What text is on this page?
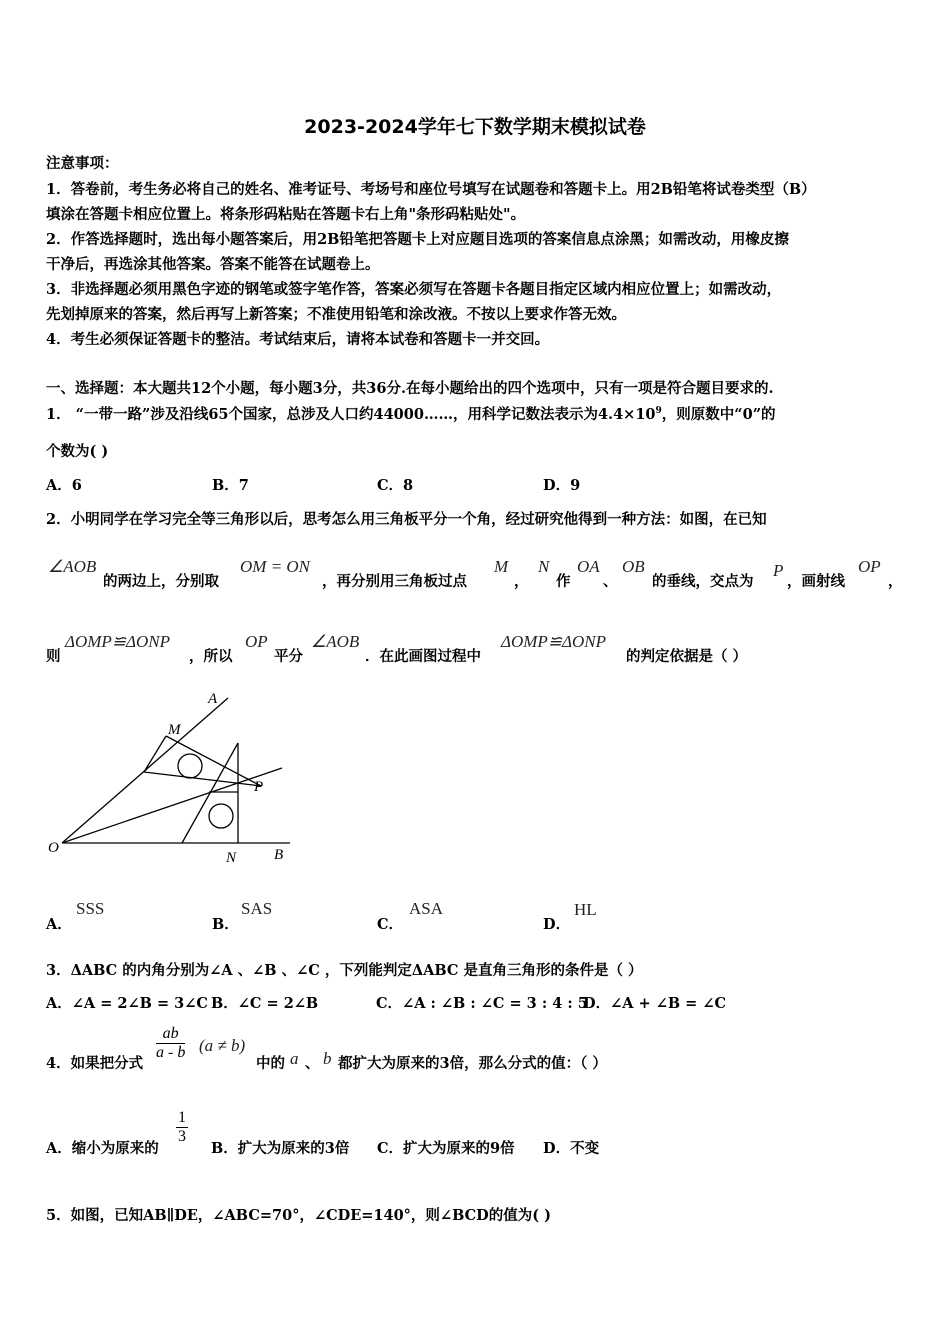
2023-2024学年七下数学期末模拟试卷
注意事项：
1．答卷前，考生务必将自己的姓名、准考证号、考场号和座位号填写在试题卷和答题卡上。用2B铅笔将试卷类型（B）
填涂在答题卡相应位置上。将条形码粘贴在答题卡右上角"条形码粘贴处"。
2．作答选择题时，选出每小题答案后，用2B铅笔把答题卡上对应题目选项的答案信息点涂黑；如需改动，用橡皮擦
干净后，再选涂其他答案。答案不能答在试题卷上。
3．非选择题必须用黑色字迹的钢笔或签字笔作答，答案必须写在答题卡各题目指定区域内相应位置上；如需改动，
先划掉原来的答案，然后再写上新答案；不准使用铅笔和涂改液。不按以上要求作答无效。
4．考生必须保证答题卡的整洁。考试结束后，请将本试卷和答题卡一并交回。
一、选择题：本大题共12个小题，每小题3分，共36分.在每小题给出的四个选项中，只有一项是符合题目要求的.
1． “一带一路”涉及沿线65个国家，总涉及人口约44000……，用科学记数法表示为$4.4\times 10^9$，则原数中“0”的
个数为( )
A．6	B．7	C．8	D．9
2．小明同学在学习完全等三角形以后，思考怎么用三角板平分一个角，经过研究他得到一种方法：如图，在已知
∠AOB
的两边上，分别取
OM = ON
，再分别用三角板过点
M
，
N
作
OA
、
OB
的垂线，交点为
P
，画射线
OP
，
则
ΔOMP≌ΔONP
，所以
OP
平分
∠AOB
．在此画图过程中
ΔOMP≌ΔONP
的判定依据是（ ）
A
M
P
O
N	B
A．
SSS
B．
SAS
C．
ASA
D．
HL
3．ΔABC 的内角分别为∠A 、∠B 、∠C ，下列能判定ΔABC 是直角三角形的条件是（ ）
A．∠A = 2∠B = 3∠C B．∠C = 2∠B	C．∠A : ∠B : ∠C = 3 : 4 : 5
D．∠A + ∠B = ∠C
4．如果把分式
$\frac{ab}{a - b} (a \ne b)$
中的 a 、 b 都扩大为原来的3倍，那么分式的值：（ ）
A．缩小为原来的
$\frac{1}{3}$
B．扩大为原来的3倍 C．扩大为原来的9倍 D．不变
5．如图，已知AB∥DE，∠ABC=70°，∠CDE=140°，则∠BCD的值为( )
